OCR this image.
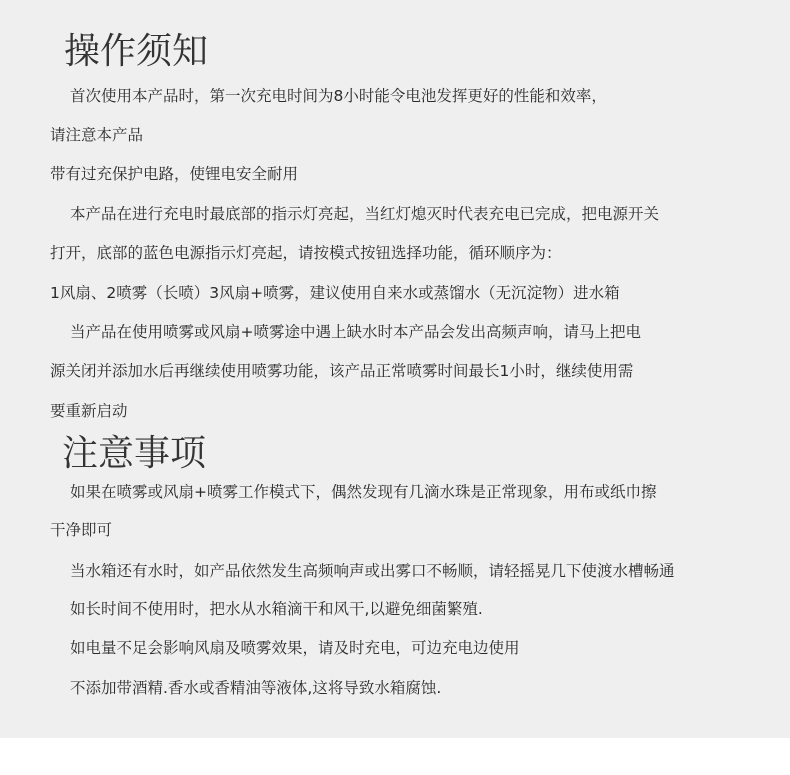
操作须知

首次使用本产品时，第一次充电时间为8小时能令电池发挥更好的性能和效率，

请注意本产品

带有过充保护电路，使锂电安全耐用

本产品在进行充电时最底部的指示灯亮起，当红灯熄灭时代表充电已完成，把电源开关

打开，底部的蓝色电源指示灯亮起，请按模式按钮选择功能，循环顺序为：

1风扇、2喷雾（长喷）3风扇+喷雾，建议使用自来水或蒸馏水（无沉淀物）进水箱

当产品在使用喷雾或风扇+喷雾途中遇上缺水时本产品会发出高频声响，请马上把电

源关闭并添加水后再继续使用喷雾功能，该产品正常喷雾时间最长1小时，继续使用需

要重新启动

注意事项

如果在喷雾或风扇+喷雾工作模式下，偶然发现有几滴水珠是正常现象，用布或纸巾擦

干净即可

当水箱还有水时，如产品依然发生高频响声或出雾口不畅顺，请轻摇晃几下使渡水槽畅通

如长时间不使用时，把水从水箱滴干和风干,以避免细菌繁殖.

如电量不足会影响风扇及喷雾效果，请及时充电，可边充电边使用

不添加带酒精.香水或香精油等液体,这将导致水箱腐蚀.
